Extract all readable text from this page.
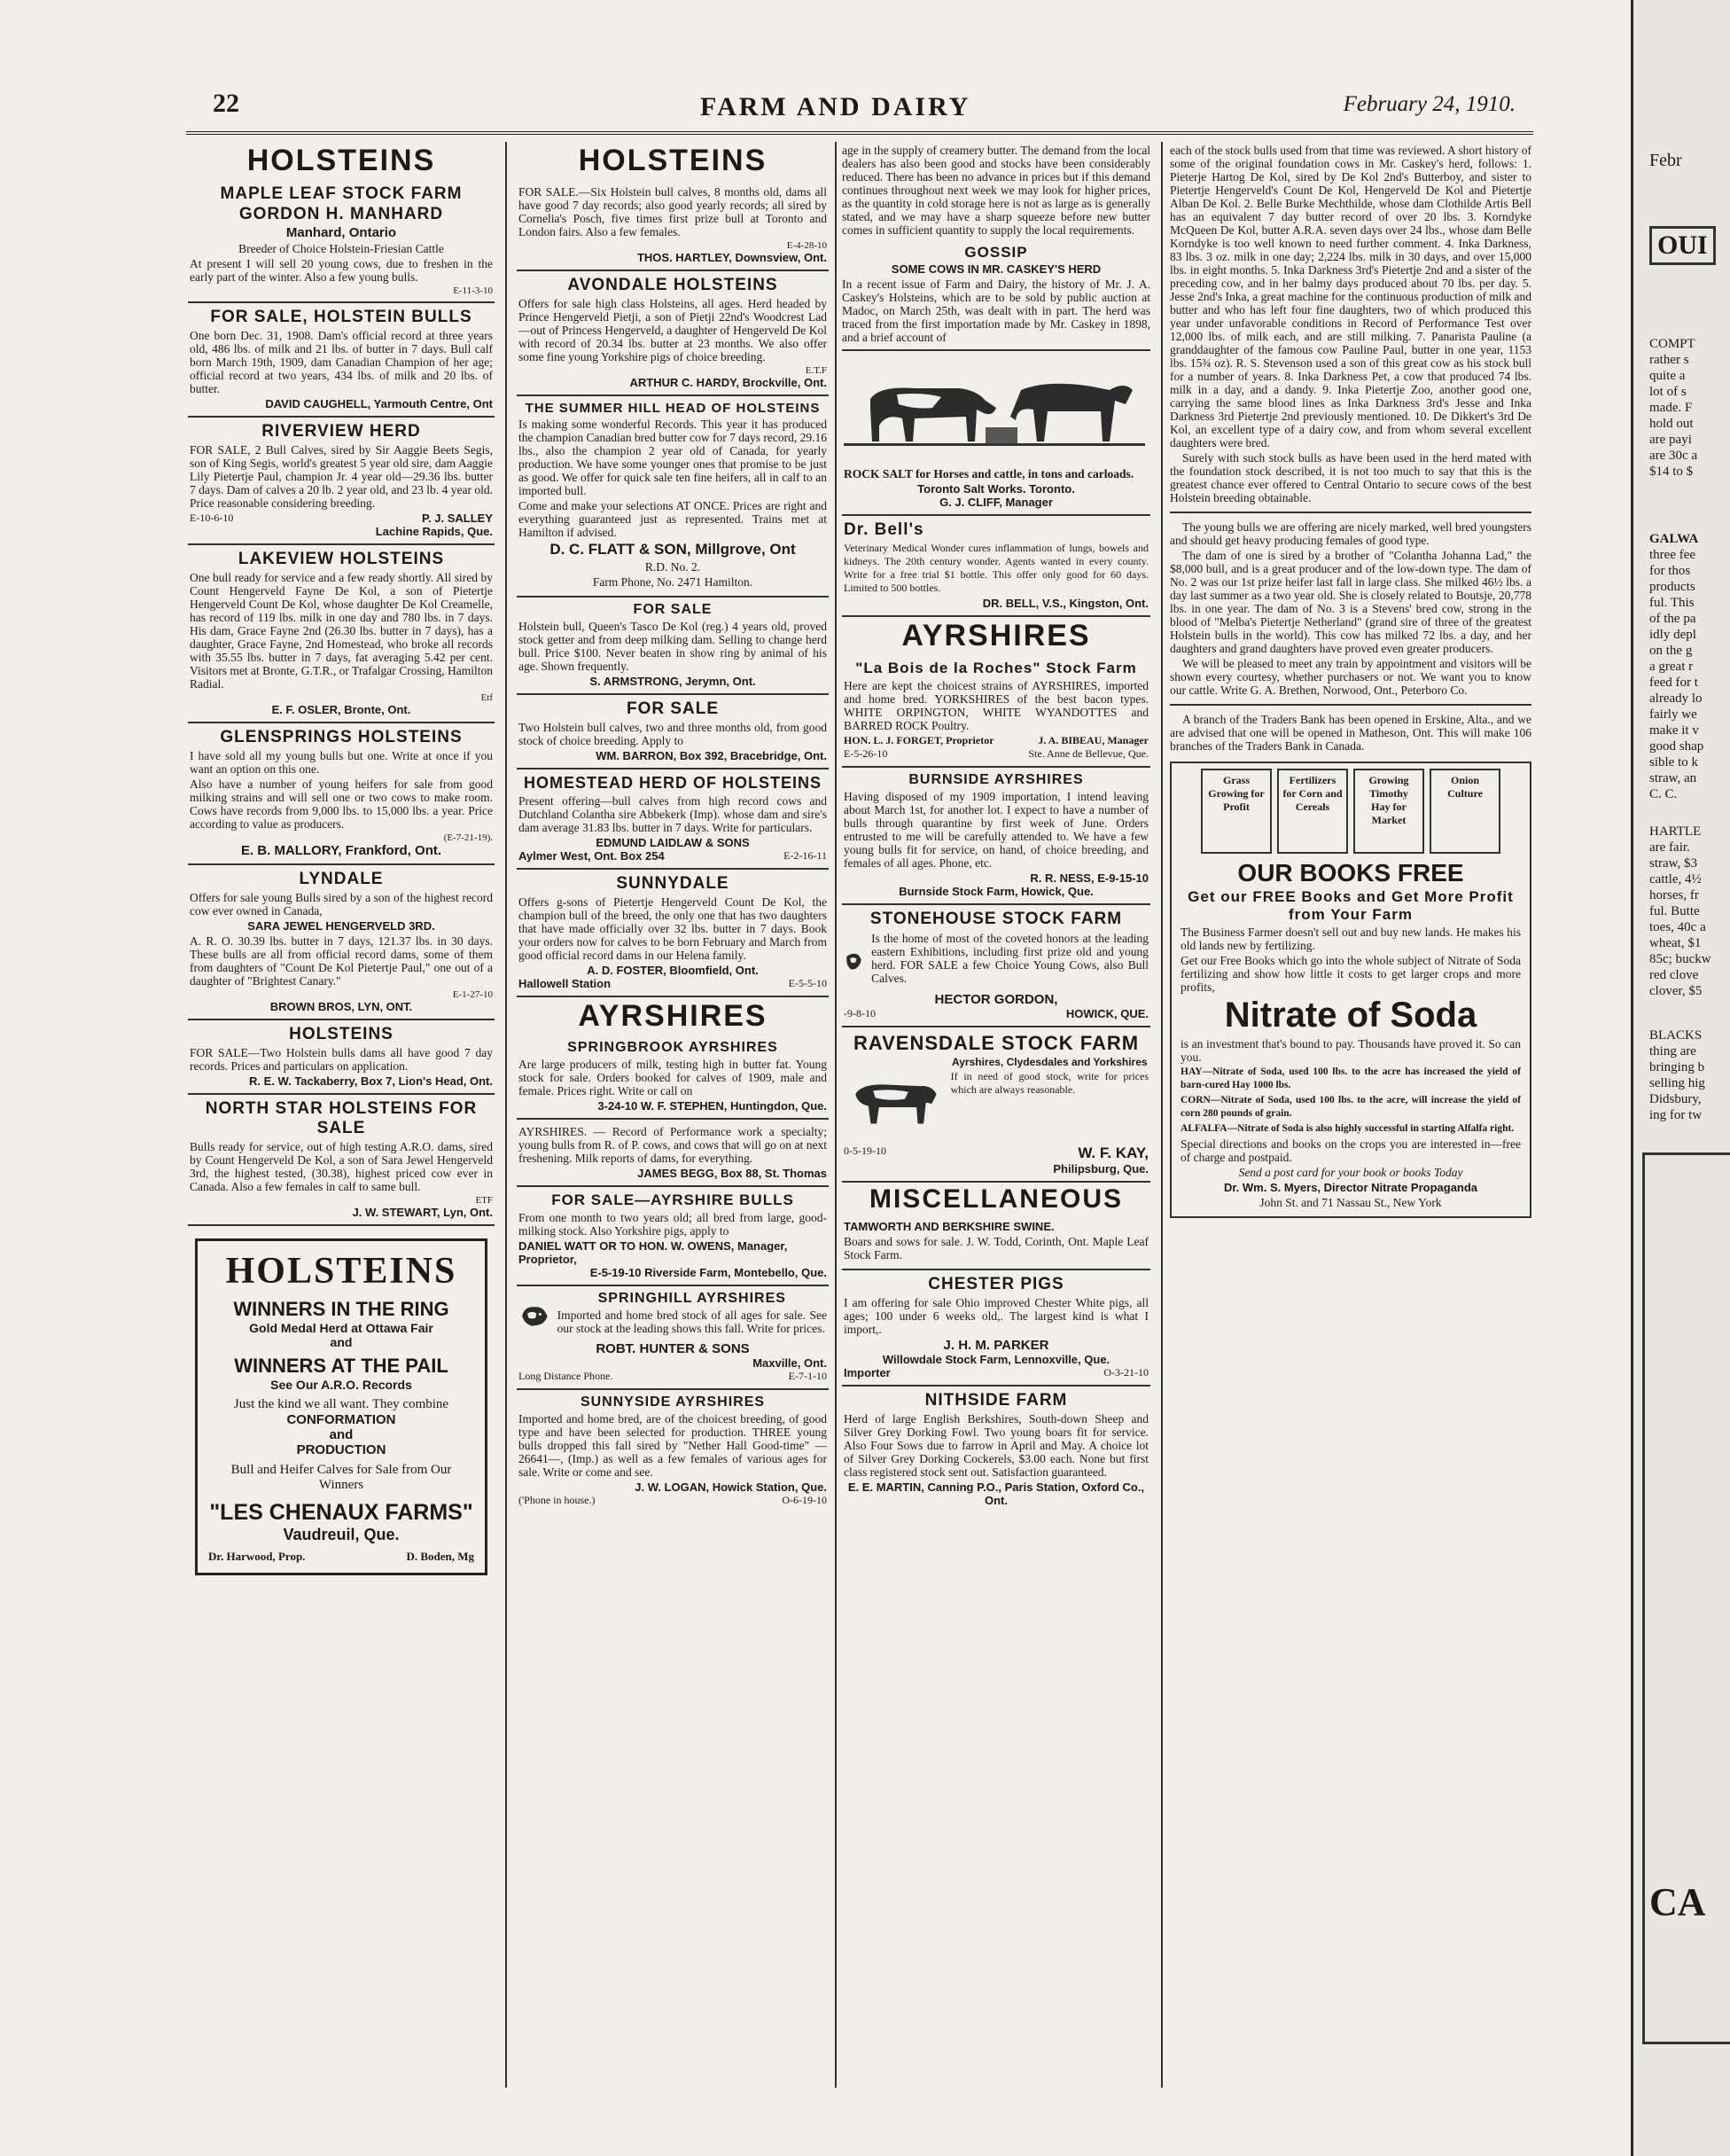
22	FARM AND DAIRY	February 24, 1910.
HOLSTEINS
MAPLE LEAF STOCK FARM
GORDON H. MANHARD
Manhard, Ontario
Breeder of Choice Holstein-Friesian Cattle
At present I will sell 20 young cows, due to freshen in the early part of the winter. Also a few young bulls.
E-11-3-10
FOR SALE, HOLSTEIN BULLS
One born Dec. 31, 1908. Dam's official record at three years old, 486 lbs. of milk and 21 lbs. of butter in 7 days. Bull calf born March 19th, 1909, dam Canadian Champion of her age; official record at two years, 434 lbs. of milk and 20 lbs. of butter.
DAVID CAUGHELL, Yarmouth Centre, Ont
RIVERVIEW HERD
FOR SALE, 2 Bull Calves, sired by Sir Aaggie Beets Segis, son of King Segis, world's greatest 5 year old sire, dam Aaggie Lily Pietertje Paul, champion Jr. 4 year old—29.36 lbs. butter 7 days. Dam of calves a 20 lb. 2 year old, and 23 lb. 4 year old. Price reasonable considering breeding.
E-10-6-10	P. J. SALLEY
Lachine Rapids, Que.
LAKEVIEW HOLSTEINS
One bull ready for service and a few ready shortly. All sired by Count Hengerveld Fayne De Kol, a son of Pietertje Hengerveld Count De Kol, whose daughter De Kol Creamelle, has record of 119 lbs. milk in one day and 780 lbs. in 7 days. His dam, Grace Fayne 2nd (26.30 lbs. butter in 7 days), has a daughter, Grace Fayne, 2nd Homestead, who broke all records with 35.55 lbs. butter in 7 days, fat averaging 5.42 per cent. Visitors met at Bronte, G.T.R., or Trafalgar Crossing, Hamilton Radial.
Etf
E. F. OSLER, Bronte, Ont.
GLENSPRINGS HOLSTEINS
I have sold all my young bulls but one. Write at once if you want an option on this one.
Also have a number of young heifers for sale from good milking strains and will sell one or two cows to make room. Cows have records from 9,000 lbs. to 15,000 lbs. a year. Price according to value as producers.
(E-7-21-19).
E. B. MALLORY, Frankford, Ont.
LYNDALE
Offers for sale young Bulls sired by a son of the highest record cow ever owned in Canada,
SARA JEWEL HENGERVELD 3RD.
A. R. O. 30.39 lbs. butter in 7 days, 121.37 lbs. in 30 days. These bulls are all from official record dams, some of them from daughters of "Count De Kol Pietertje Paul," one out of a daughter of "Brightest Canary."
E-1-27-10
BROWN BROS, LYN, ONT.
HOLSTEINS
FOR SALE—Two Holstein bulls dams all have good 7 day records. Prices and particulars on application.
R. E. W. Tackaberry, Box 7, Lion's Head, Ont.
NORTH STAR HOLSTEINS FOR SALE
Bulls ready for service, out of high testing A.R.O. dams, sired by Count Hengerveld De Kol, a son of Sara Jewel Hengerveld 3rd, the highest tested, (30.38), highest priced cow ever in Canada. Also a few females in calf to same bull.
ETF
J. W. STEWART, Lyn, Ont.
HOLSTEINS
WINNERS IN THE RING
Gold Medal Herd at Ottawa Fair
and
WINNERS AT THE PAIL
See Our A.R.O. Records
Just the kind we all want. They combine
CONFORMATION
and
PRODUCTION
Bull and Heifer Calves for Sale from Our Winners
"LES CHENAUX FARMS"
Vaudreuil, Que.
Dr. Harwood, Prop.	D. Boden, Mg
HOLSTEINS
FOR SALE.—Six Holstein bull calves, 8 months old, dams all have good 7 day records; also good yearly records; all sired by Cornelia's Posch, five times first prize bull at Toronto and London fairs. Also a few females.
E-4-28-10
THOS. HARTLEY, Downsview, Ont.
AVONDALE HOLSTEINS
Offers for sale high class Holsteins, all ages. Herd headed by Prince Hengerveld Pietji, a son of Pietji 22nd's Woodcrest Lad—out of Princess Hengerveld, a daughter of Hengerveld De Kol with record of 20.34 lbs. butter at 23 months. We also offer some fine young Yorkshire pigs of choice breeding.
E.T.F
ARTHUR C. HARDY, Brockville, Ont.
THE SUMMER HILL HEAD OF HOLSTEINS
Is making some wonderful Records. This year it has produced the champion Canadian bred butter cow for 7 days record, 29.16 lbs., also the champion 2 year old of Canada, for yearly production. We have some younger ones that promise to be just as good. We offer for quick sale ten fine heifers, all in calf to an imported bull.
Come and make your selections AT ONCE. Prices are right and everything guaranteed just as represented. Trains met at Hamilton if advised.
D. C. FLATT & SON, Millgrove, Ont
R.D. No. 2.
Farm Phone, No. 2471 Hamilton.
FOR SALE
Holstein bull, Queen's Tasco De Kol (reg.) 4 years old, proved stock getter and from deep milking dam. Selling to change herd bull. Price $100. Never beaten in show ring by animal of his age. Shown frequently.
S. ARMSTRONG, Jerymn, Ont.
FOR SALE
Two Holstein bull calves, two and three months old, from good stock of choice breeding. Apply to
WM. BARRON, Box 392, Bracebridge, Ont.
HOMESTEAD HERD OF HOLSTEINS
Present offering—bull calves from high record cows and Dutchland Colantha sire Abbekerk (Imp). whose dam and sire's dam average 31.83 lbs. butter in 7 days. Write for particulars.
EDMUND LAIDLAW & SONS
Aylmer West, Ont. Box 254	E-2-16-11
SUNNYDALE
Offers g-sons of Pietertje Hengerveld Count De Kol, the champion bull of the breed, the only one that has two daughters that have made officially over 32 lbs. butter in 7 days. Book your orders now for calves to be born February and March from good official record dams in our Helena family.
A. D. FOSTER, Bloomfield, Ont.
Hallowell Station	E-5-5-10
AYRSHIRES
SPRINGBROOK AYRSHIRES
Are large producers of milk, testing high in butter fat. Young stock for sale. Orders booked for calves of 1909, male and female. Prices right. Write or call on
3-24-10 W. F. STEPHEN, Huntingdon, Que.
AYRSHIRES. — Record of Performance work a specialty; young bulls from R. of P. cows, and cows that will go on at next freshening. Milk reports of dams, for everything.
JAMES BEGG, Box 88, St. Thomas
FOR SALE—AYRSHIRE BULLS
From one month to two years old; all bred from large, good-milking stock. Also Yorkshire pigs, apply to
DANIEL WATT OR TO HON. W. OWENS, Manager, Proprietor,
E-5-19-10 Riverside Farm, Montebello, Que.
SPRINGHILL AYRSHIRES
Imported and home bred stock of all ages for sale. See our stock at the leading shows this fall. Write for prices.
ROBT. HUNTER & SONS
Maxville, Ont.
Long Distance Phone.	E-7-1-10
SUNNYSIDE AYRSHIRES
Imported and home bred, are of the choicest breeding, of good type and have been selected for production. THREE young bulls dropped this fall sired by "Nether Hall Good-time" —26641—, (Imp.) as well as a few females of various ages for sale. Write or come and see.
J. W. LOGAN, Howick Station, Que.
('Phone in house.)	O-6-19-10
age in the supply of creamery butter. The demand from the local dealers has also been good and stocks have been considerably reduced. There has been no advance in prices but if this demand continues throughout next week we may look for higher prices, as the quantity in cold storage here is not as large as is generally stated, and we may have a sharp squeeze before new butter comes in sufficient quantity to supply the local requirements.
GOSSIP
SOME COWS IN MR. CASKEY'S HERD
In a recent issue of Farm and Dairy, the history of Mr. J. A. Caskey's Holsteins, which are to be sold by public auction at Madoc, on March 25th, was dealt with in part. The herd was traced from the first importation made by Mr. Caskey in 1898, and a brief account of
ROCK SALT for Horses and cattle, in tons and carloads.
Toronto Salt Works. Toronto.
G. J. CLIFF, Manager
Dr. Bell's
Veterinary Medical Wonder cures inflammation of lungs, bowels and kidneys. The 20th century wonder. Agents wanted in every county. Write for a free trial $1 bottle. This offer only good for 60 days. Limited to 500 bottles.
DR. BELL, V.S., Kingston, Ont.
AYRSHIRES
"La Bois de la Roches" Stock Farm
Here are kept the choicest strains of AYRSHIRES, imported and home bred. YORKSHIRES of the best bacon types. WHITE ORPINGTON, WHITE WYANDOTTES and BARRED ROCK Poultry.
HON. L. J. FORGET, Proprietor	J. A. BIBEAU, Manager
E-5-26-10	Ste. Anne de Bellevue, Que.
BURNSIDE AYRSHIRES
Having disposed of my 1909 importation, I intend leaving about March 1st, for another lot. I expect to have a number of bulls through quarantine by first week of June. Orders entrusted to me will be carefully attended to. We have a few young bulls fit for service, on hand, of choice breeding, and females of all ages. Phone, etc.
R. R. NESS, E-9-15-10
Burnside Stock Farm, Howick, Que.
STONEHOUSE STOCK FARM
Is the home of most of the coveted honors at the leading eastern Exhibitions, including first prize old and young herd. FOR SALE a few Choice Young Cows, also Bull Calves.
HECTOR GORDON,
-9-8-10	HOWICK, QUE.
RAVENSDALE STOCK FARM
Ayrshires, Clydesdales and Yorkshires
If in need of good stock, write for prices which are always reasonable.
0-5-19-10	W. F. KAY,
Philipsburg, Que.
MISCELLANEOUS
TAMWORTH AND BERKSHIRE SWINE.
Boars and sows for sale. J. W. Todd, Corinth, Ont. Maple Leaf Stock Farm.
CHESTER PIGS
I am offering for sale Ohio improved Chester White pigs, all ages; 100 under 6 weeks old,. The largest kind is what I import,.
J. H. M. PARKER
Willowdale Stock Farm, Lennoxville, Que.
Importer	O-3-21-10
NITHSIDE FARM
Herd of large English Berkshires, South-down Sheep and Silver Grey Dorking Fowl. Two young boars fit for service. Also Four Sows due to farrow in April and May. A choice lot of Silver Grey Dorking Cockerels, $3.00 each. None but first class registered stock sent out. Satisfaction guaranteed.
E. E. MARTIN, Canning P.O., Paris Station, Oxford Co., Ont.
each of the stock bulls used from that time was reviewed. A short history of some of the original foundation cows in Mr. Caskey's herd, follows: 1. Pieterje Hartog De Kol, sired by De Kol 2nd's Butterboy, and sister to Pietertje Hengerveld's Count De Kol, Hengerveld De Kol and Pietertje Alban De Kol. 2. Belle Burke Mechthilde, whose dam Clothilde Artis Bell has an equivalent 7 day butter record of over 20 lbs. 3. Korndyke McQueen De Kol, butter A.R.A. seven days over 24 lbs., whose dam Belle Korndyke is too well known to need further comment. 4. Inka Darkness, 83 lbs. 3 oz. milk in one day; 2,224 lbs. milk in 30 days, and over 15,000 lbs. in eight months. 5. Inka Darkness 3rd's Pietertje 2nd and a sister of the preceding cow, and in her balmy days produced about 70 lbs. per day. 5. Jesse 2nd's Inka, a great machine for the continuous production of milk and butter and who has left four fine daughters, two of which produced this year under unfavorable conditions in Record of Performance Test over 12,000 lbs. of milk each, and are still milking. 7. Panarista Pauline (a granddaughter of the famous cow Pauline Paul, butter in one year, 1153 lbs. 15¾ oz). R. S. Stevenson used a son of this great cow as his stock bull for a number of years. 8. Inka Darkness Pet, a cow that produced 74 lbs. milk in a day, and a dandy. 9. Inka Pietertje Zoo, another good one, carrying the same blood lines as Inka Darkness 3rd's Jesse and Inka Darkness 3rd Pietertje 2nd previously mentioned. 10. De Dikkert's 3rd De Kol, an excellent type of a dairy cow, and from whom several excellent daughters were bred.
Surely with such stock bulls as have been used in the herd mated with the foundation stock described, it is not too much to say that this is the greatest chance ever offered to Central Ontario to secure cows of the best Holstein breeding obtainable.
The young bulls we are offering are nicely marked, well bred youngsters and should get heavy producing females of good type.
The dam of one is sired by a brother of "Colantha Johanna Lad," the $8,000 bull, and is a great producer and of the low-down type. The dam of No. 2 was our 1st prize heifer last fall in large class. She milked 46½ lbs. a day last summer as a two year old. She is closely related to Boutsje, 20,778 lbs. in one year. The dam of No. 3 is a Stevens' bred cow, strong in the blood of "Melba's Pietertje Netherland" (grand sire of three of the greatest Holstein bulls in the world). This cow has milked 72 lbs. a day, and her daughters and grand daughters have proved even greater producers.
We will be pleased to meet any train by appointment and visitors will be shown every courtesy, whether purchasers or not. We want you to know our cattle. Write G. A. Brethen, Norwood, Ont., Peterboro Co.
A branch of the Traders Bank has been opened in Erskine, Alta., and we are advised that one will be opened in Matheson, Ont. This will make 106 branches of the Traders Bank in Canada.
Grass Growing for Profit
Fertilizers for Corn and Cereals
Growing Timothy Hay for Market
Onion Culture
OUR BOOKS FREE
Get our FREE Books and Get More Profit from Your Farm
The Business Farmer doesn't sell out and buy new lands. He makes his old lands new by fertilizing.
Get our Free Books which go into the whole subject of Nitrate of Soda fertilizing and show how little it costs to get larger crops and more profits,
Nitrate of Soda
is an investment that's bound to pay. Thousands have proved it. So can you.
HAY—Nitrate of Soda, used 100 lbs. to the acre has increased the yield of barn-cured Hay 1000 lbs.
CORN—Nitrate of Soda, used 100 lbs. to the acre, will increase the yield of corn 280 pounds of grain.
ALFALFA—Nitrate of Soda is also highly successful in starting Alfalfa right.
Special directions and books on the crops you are interested in—free of charge and postpaid.
Send a post card for your book or books Today
Dr. Wm. S. Myers, Director Nitrate Propaganda
John St. and 71 Nassau St., New York
Febr
OUI
COMPT
rather s
quite a
lot of s
made. F
hold out
are payi
are 30c a
$14 to $
GALWA
three fee
for thos
products
ful. This
of the pa
idly depl
on the g
a great r
feed for t
already lo
fairly we
make it v
good shap
sible to k
straw, an
C. C.
HARTLE
are fair.
straw, $3
cattle, 4½
horses, fr
ful. Butte
toes, 40c a
wheat, $1
85c; buckw
red clove
clover, $5
BLACKS
thing are
bringing b
selling hig
Didsbury,
ing for tw
CA
